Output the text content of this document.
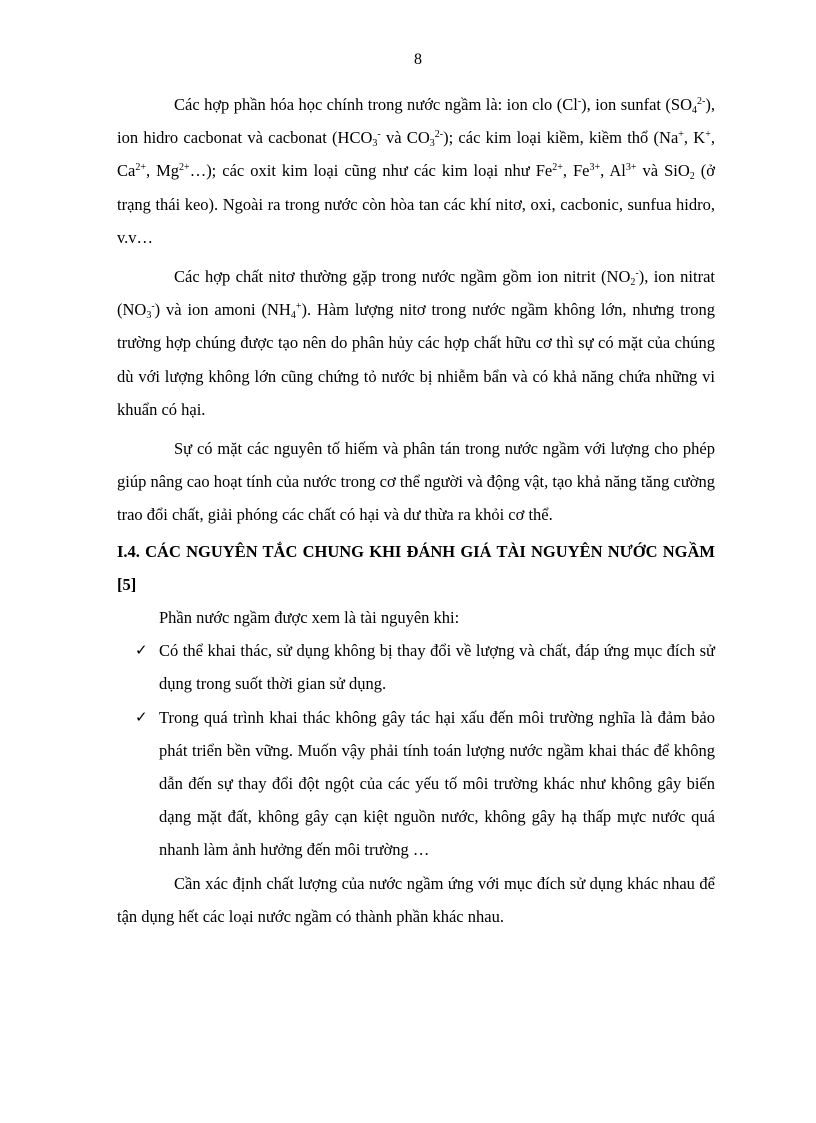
8

Các hợp phần hóa học chính trong nước ngầm là: ion clo (Cl-), ion sunfat $(SO_4^{2-})$, ion hidro cacbonat và cacbonat ($HCO_3^-$ và $CO_3^{2-}$); các kim loại kiềm, kiềm thổ (Na+, K+, $Ca^{2+}$, $Mg^{2+}\dots$); các oxit kim loại cũng như các kim loại như $Fe^{2+}$, $Fe^{3+}$, $Al^{3+}$ và SiO$_2$ (ở trạng thái keo). Ngoài ra trong nước còn hòa tan các khí nitơ, oxi, cacbonic, sunfua hidro, v.v…

Các hợp chất nitơ thường gặp trong nước ngầm gồm ion nitrit $(NO_2^-)$, ion nitrat $(NO_3^-)$ và ion amoni $(NH_4^+)$. Hàm lượng nitơ trong nước ngầm không lớn, nhưng trong trường hợp chúng được tạo nên do phân hủy các hợp chất hữu cơ thì sự có mặt của chúng dù với lượng không lớn cũng chứng tỏ nước bị nhiễm bẩn và có khả năng chứa những vi khuẩn có hại.

Sự có mặt các nguyên tố hiếm và phân tán trong nước ngầm với lượng cho phép giúp nâng cao hoạt tính của nước trong cơ thể người và động vật, tạo khả năng tăng cường trao đổi chất, giải phóng các chất có hại và dư thừa ra khỏi cơ thể.

I.4. CÁC NGUYÊN TẮC CHUNG KHI ĐÁNH GIÁ TÀI NGUYÊN NƯỚC NGẦM [5]

Phần nước ngầm được xem là tài nguyên khi:

✓ Có thể khai thác, sử dụng không bị thay đổi về lượng và chất, đáp ứng mục đích sử dụng trong suốt thời gian sử dụng.
✓ Trong quá trình khai thác không gây tác hại xấu đến môi trường nghĩa là đảm bảo phát triển bền vững. Muốn vậy phải tính toán lượng nước ngầm khai thác để không dẫn đến sự thay đổi đột ngột của các yếu tố môi trường khác như không gây biến dạng mặt đất, không gây cạn kiệt nguồn nước, không gây hạ thấp mực nước quá nhanh làm ảnh hưởng đến môi trường …

Cần xác định chất lượng của nước ngầm ứng với mục đích sử dụng khác nhau để tận dụng hết các loại nước ngầm có thành phần khác nhau.
